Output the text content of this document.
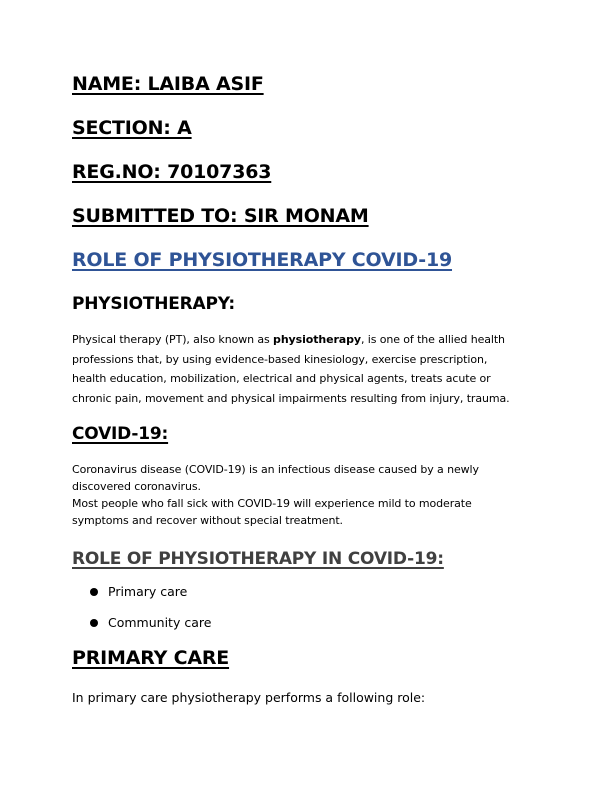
NAME: LAIBA ASIF
SECTION: A
REG.NO: 70107363
SUBMITTED TO: SIR MONAM
ROLE OF PHYSIOTHERAPY COVID-19
PHYSIOTHERAPY:

Physical therapy (PT), also known as physiotherapy, is one of the allied health
professions that, by using evidence-based kinesiology, exercise prescription,
health education, mobilization, electrical and physical agents, treats acute or
chronic pain, movement and physical impairments resulting from injury, trauma.

COVID-19:

Coronavirus disease (COVID-19) is an infectious disease caused by a newly
discovered coronavirus.
Most people who fall sick with COVID-19 will experience mild to moderate
symptoms and recover without special treatment.

ROLE OF PHYSIOTHERAPY IN COVID-19:
Primary care
Community care
PRIMARY CARE

In primary care physiotherapy performs a following role:
